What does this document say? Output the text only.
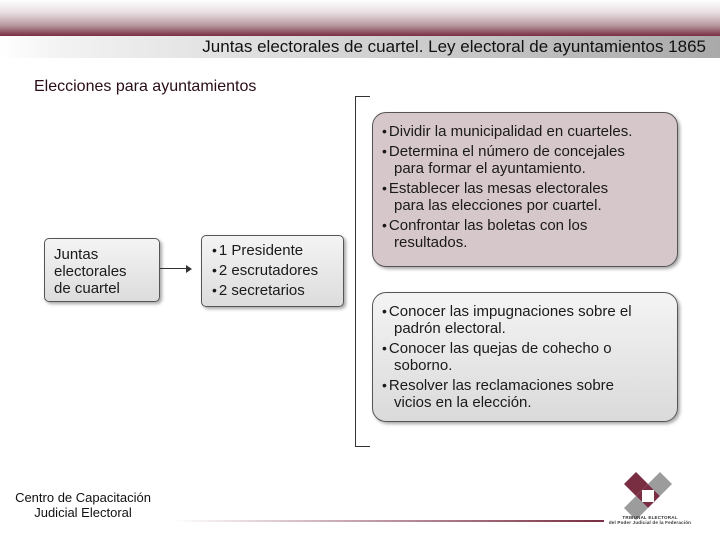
Juntas electorales de cuartel. Ley electoral de ayuntamientos 1865
Elecciones para ayuntamientos
Juntas
electorales
de cuartel
• 1 Presidente
• 2 escrutadores
• 2 secretarios
• Dividir la municipalidad en cuarteles.
• Determina el número de concejales
para formar el ayuntamiento.
• Establecer las mesas electorales
para las elecciones por cuartel.
• Confrontar las boletas con los
resultados.
• Conocer las impugnaciones sobre el
padrón electoral.
• Conocer las quejas de cohecho o
soborno.
• Resolver las reclamaciones sobre
vicios en la elección.
Centro de Capacitación
Judicial Electoral	TRIBUNAL ELECTORAL
del Poder Judicial de la Federación
